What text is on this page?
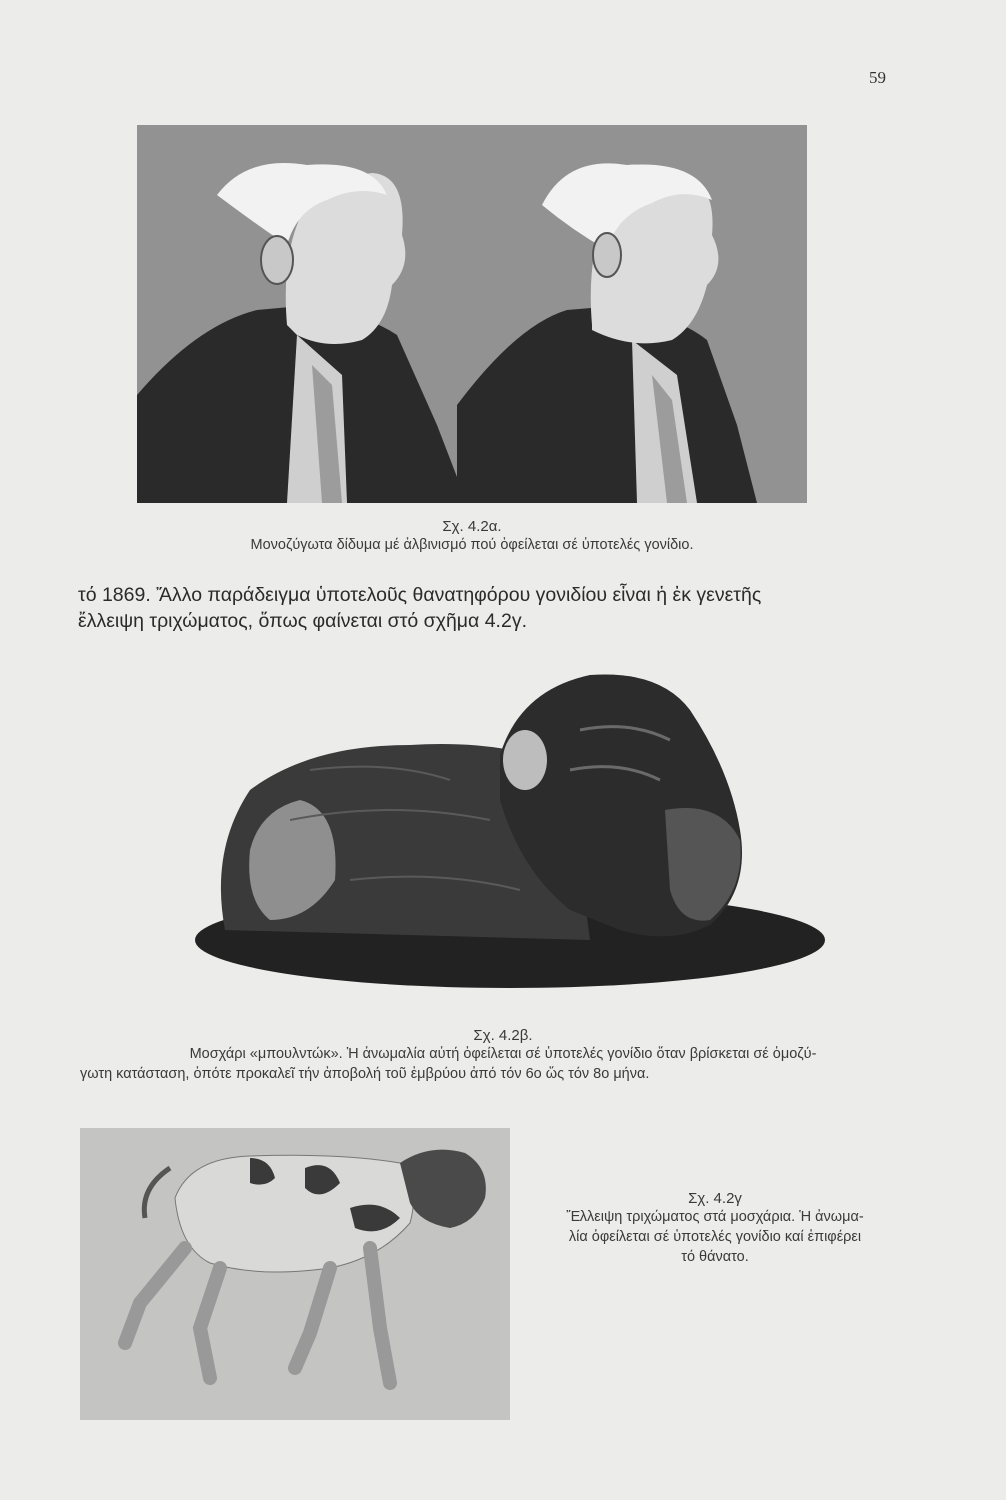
59
Σχ. 4.2α.
Μονοζύγωτα δίδυμα μέ ἀλβινισμό πού ὀφείλεται σέ ὑποτελές γονίδιο.
τό 1869. Ἄλλο παράδειγμα ὑποτελοῦς θανατηφόρου γονιδίου εἶναι ἡ ἐκ γενετῆς
ἔλλειψη τριχώματος, ὅπως φαίνεται στό σχῆμα 4.2γ.
Σχ. 4.2β.
Μοσχάρι «μπουλντώκ». Ἡ ἀνωμαλία αὐτή ὀφείλεται σέ ὑποτελές γονίδιο ὅταν βρίσκεται σέ ὁμοζύ-
γωτη κατάσταση, ὁπότε προκαλεῖ τήν ἀποβολή τοῦ ἐμβρύου ἀπό τόν 6ο ὥς τόν 8ο μήνα.
Σχ. 4.2γ
Ἔλλειψη τριχώματος στά μοσχάρια. Ἡ ἀνωμα-
λία ὀφείλεται σέ ὑποτελές γονίδιο καί ἐπιφέρει
τό θάνατο.
